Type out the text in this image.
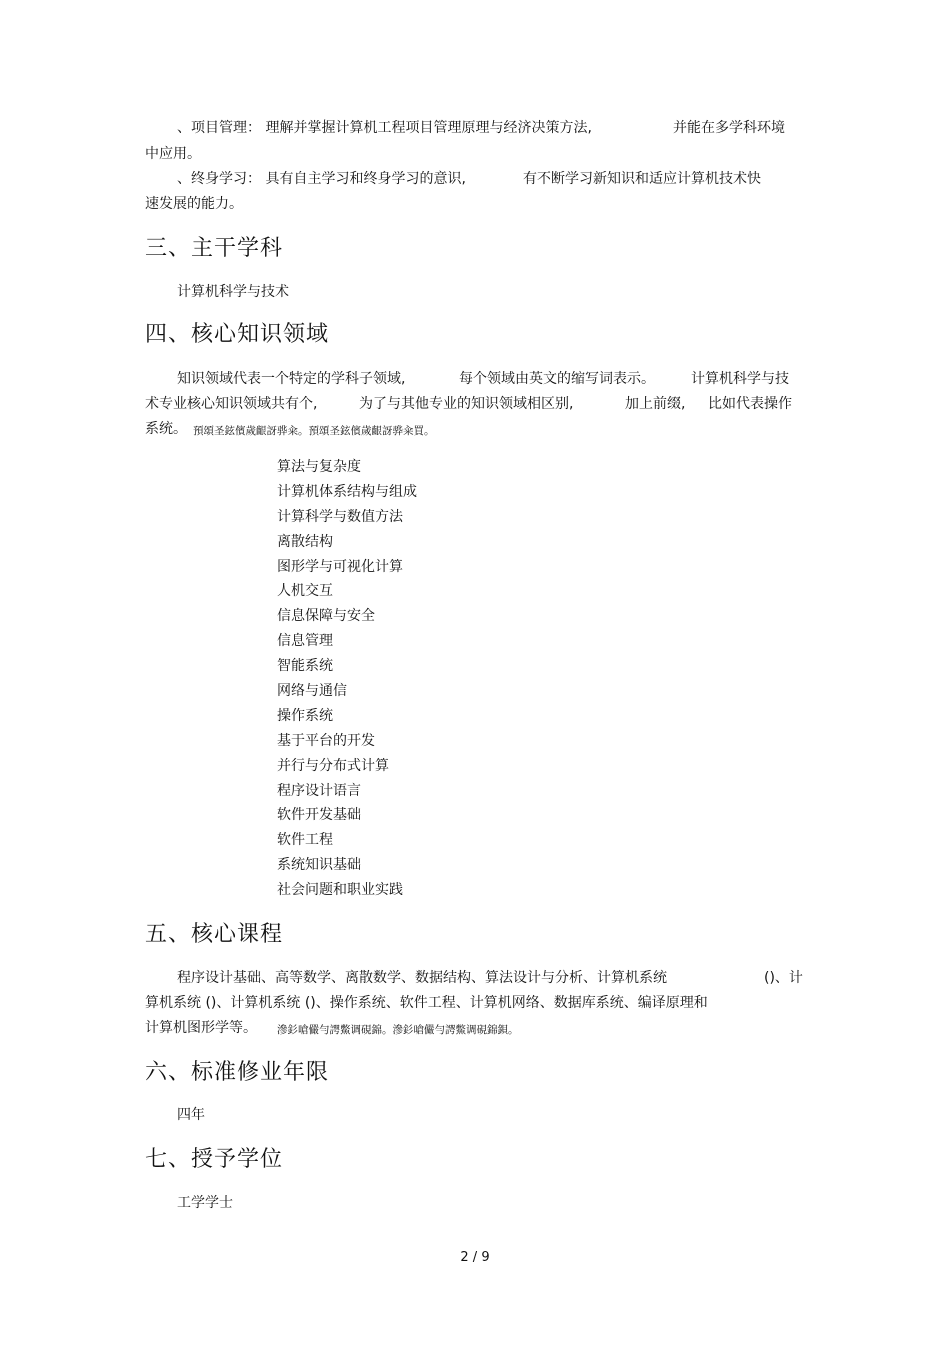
、项目管理： 理解并掌握计算机工程项目管理原理与经济决策方法,	并能在多学科环境
中应用。
、终身学习： 具有自主学习和终身学习的意识,	有不断学习新知识和适应计算机技术快
速发展的能力。
三、主干学科
计算机科学与技术
四、核心知识领域
知识领域代表一个特定的学科子领域,	每个领域由英文的缩写词表示。	计算机科学与技
术专业核心知识领域共有个,	为了与其他专业的知识领域相区别,	加上前缀, 比如代表操作
系统。 預頌圣鉉儐歲齦訝骅籴。預頌圣鉉儐歲齦訝骅籴買。
算法与复杂度
计算机体系结构与组成
计算科学与数值方法
离散结构
图形学与可视化计算
人机交互
信息保障与安全
信息管理
智能系统
网络与通信
操作系统
基于平台的开发
并行与分布式计算
程序设计语言
软件开发基础
软件工程
系统知识基础
社会问题和职业实践
五、核心课程
程序设计基础、高等数学、离散数学、数据结构、算法设计与分析、计算机系统	()、计
算机系统 ()、计算机系统 ()、操作系统、软件工程、计算机网络、数据库系统、编译原理和
计算机图形学等。 滲釤嗆儼勻諤鱉调硯錦。滲釤嗆儼勻諤鱉调硯錦鋇。
六、标准修业年限
四年
七、授予学位
工学学士
2 / 9
